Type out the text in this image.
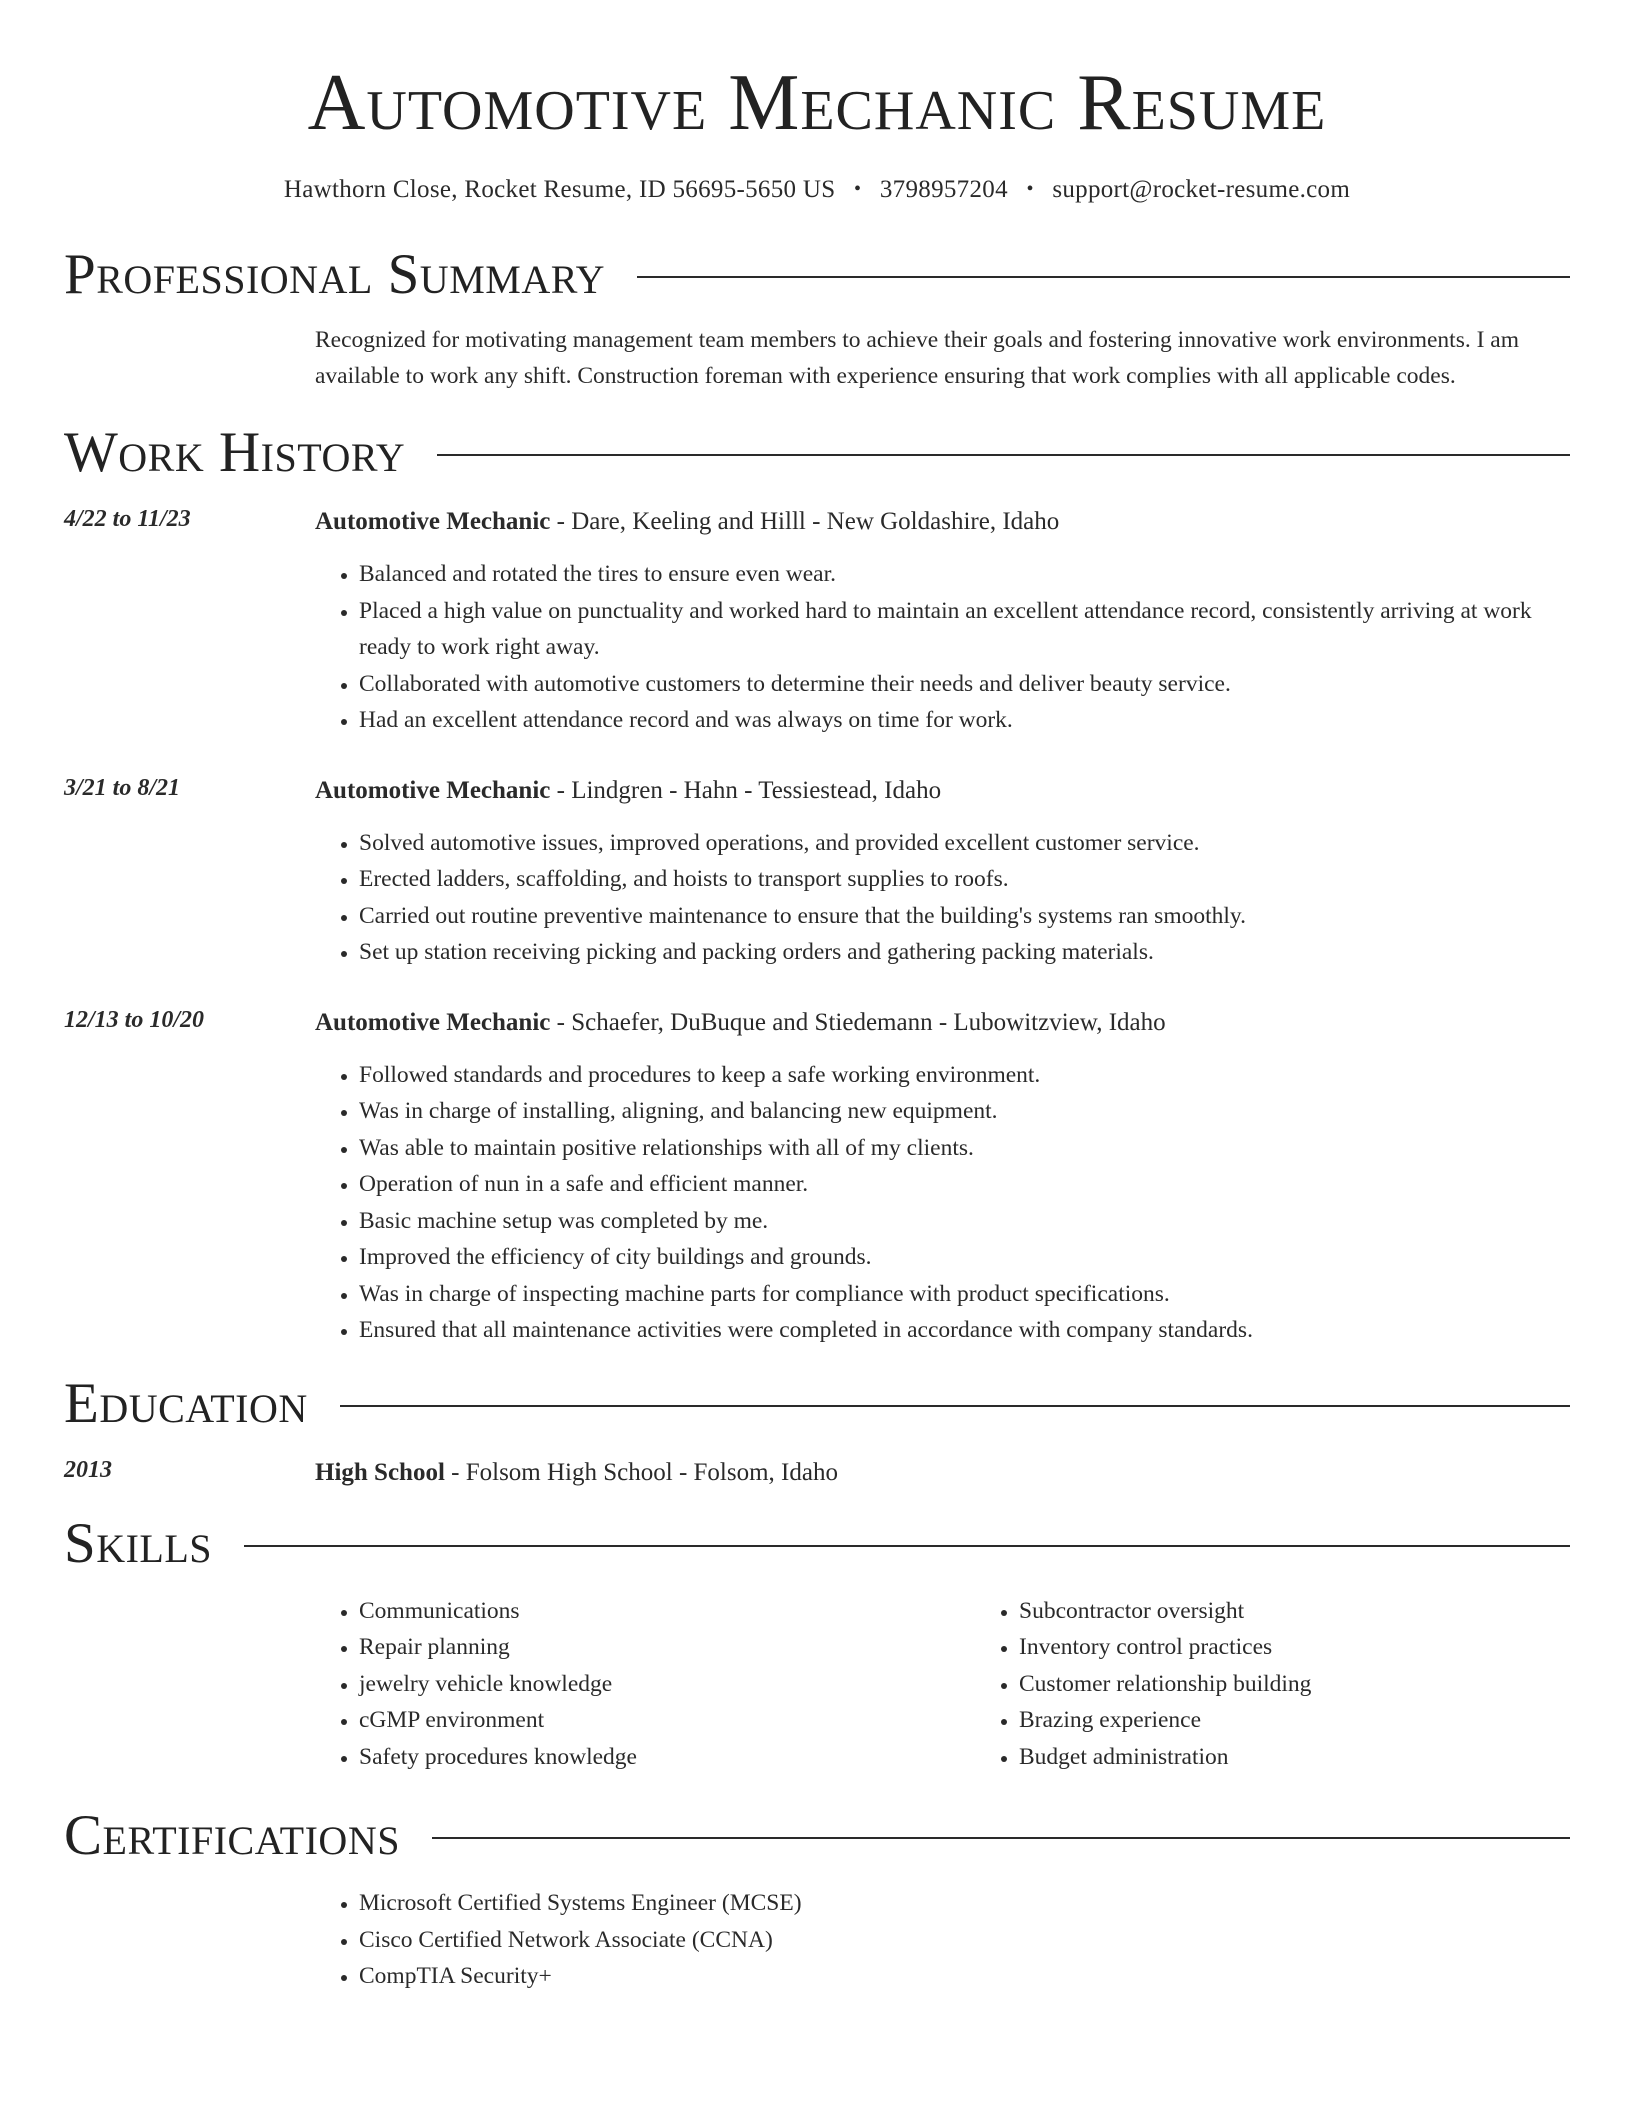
Automotive Mechanic Resume
Hawthorn Close, Rocket Resume, ID 56695-5650 US • 3798957204 • support@rocket-resume.com
Professional Summary
Recognized for motivating management team members to achieve their goals and fostering innovative work environments. I am available to work any shift. Construction foreman with experience ensuring that work complies with all applicable codes.
Work History
4/22 to 11/23	Automotive Mechanic - Dare, Keeling and Hilll - New Goldashire, Idaho
• Balanced and rotated the tires to ensure even wear.
• Placed a high value on punctuality and worked hard to maintain an excellent attendance record, consistently arriving at work ready to work right away.
• Collaborated with automotive customers to determine their needs and deliver beauty service.
• Had an excellent attendance record and was always on time for work.
3/21 to 8/21	Automotive Mechanic - Lindgren - Hahn - Tessiestead, Idaho
• Solved automotive issues, improved operations, and provided excellent customer service.
• Erected ladders, scaffolding, and hoists to transport supplies to roofs.
• Carried out routine preventive maintenance to ensure that the building's systems ran smoothly.
• Set up station receiving picking and packing orders and gathering packing materials.
12/13 to 10/20	Automotive Mechanic - Schaefer, DuBuque and Stiedemann - Lubowitzview, Idaho
• Followed standards and procedures to keep a safe working environment.
• Was in charge of installing, aligning, and balancing new equipment.
• Was able to maintain positive relationships with all of my clients.
• Operation of nun in a safe and efficient manner.
• Basic machine setup was completed by me.
• Improved the efficiency of city buildings and grounds.
• Was in charge of inspecting machine parts for compliance with product specifications.
• Ensured that all maintenance activities were completed in accordance with company standards.
Education
2013	High School - Folsom High School - Folsom, Idaho
Skills
• Communications
• Repair planning
• jewelry vehicle knowledge
• cGMP environment
• Safety procedures knowledge
• Subcontractor oversight
• Inventory control practices
• Customer relationship building
• Brazing experience
• Budget administration
Certifications
• Microsoft Certified Systems Engineer (MCSE)
• Cisco Certified Network Associate (CCNA)
• CompTIA Security+
